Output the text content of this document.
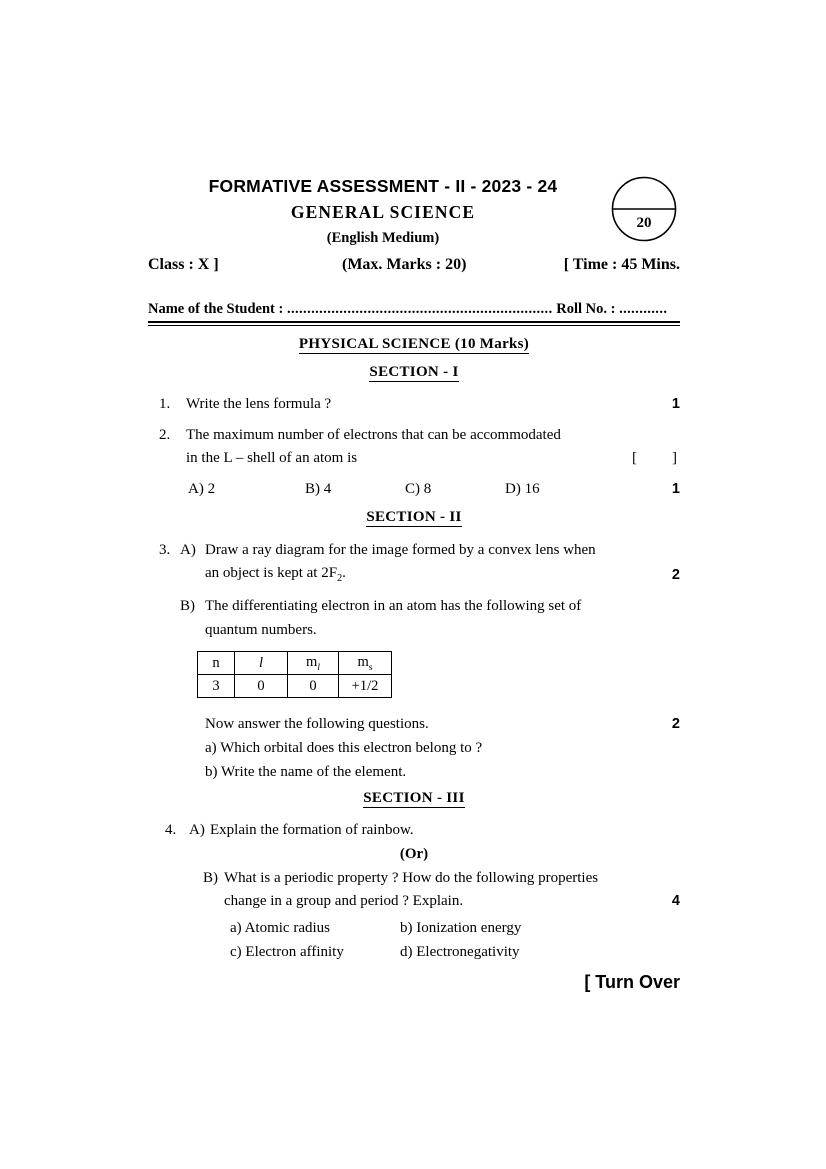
FORMATIVE ASSESSMENT - II - 2023 - 24
GENERAL SCIENCE
(English Medium)
20
Class : X ]	(Max. Marks : 20)	[ Time : 45 Mins.
Name of the Student : .................................................................. Roll No. : ............
PHYSICAL SCIENCE (10 Marks)
SECTION - I
1. Write the lens formula ?	1
2. The maximum number of electrons that can be accommodated
in the L – shell of an atom is	[ ]
A) 2	B) 4	C) 8	D) 16	1
SECTION - II
3. A) Draw a ray diagram for the image formed by a convex lens when
an object is kept at $2F_2$.	2
B) The differentiating electron in an atom has the following set of
quantum numbers.
n	l	$m_l$	$m_s$
3	0	0	+1/2
Now answer the following questions.	2
a) Which orbital does this electron belong to ?
b) Write the name of the element.
SECTION - III
4. A) Explain the formation of rainbow.
(Or)
B) What is a periodic property ? How do the following properties
change in a group and period ? Explain.	4
a) Atomic radius	b) Ionization energy
c) Electron affinity	d) Electronegativity
[ Turn Over
